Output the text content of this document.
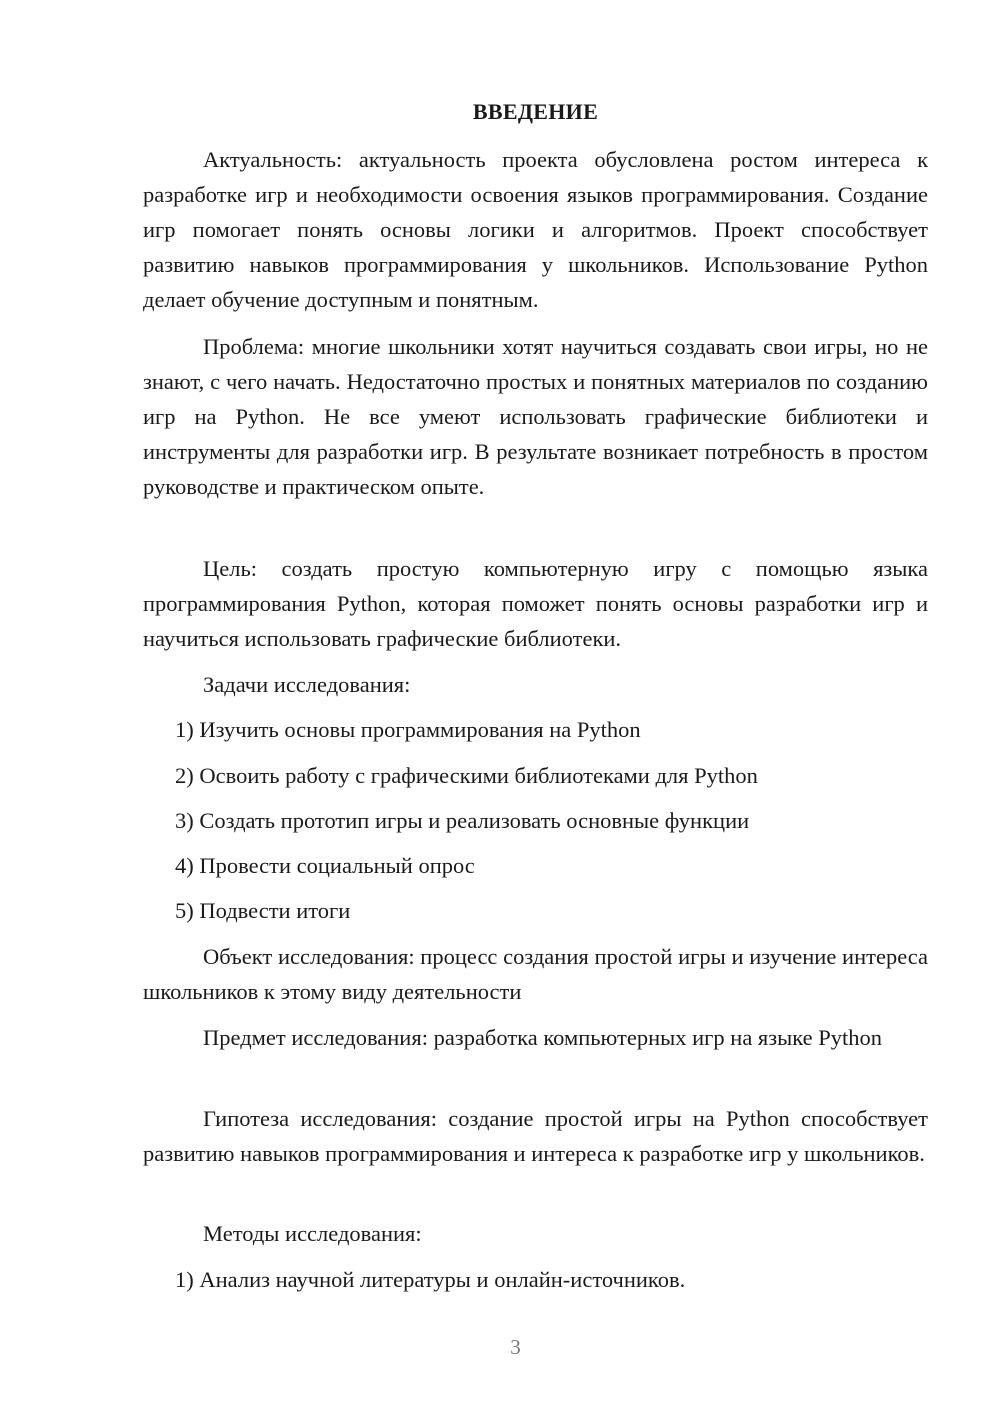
ВВЕДЕНИЕ

Актуальность: актуальность проекта обусловлена ростом интереса к разработке игр и необходимости освоения языков программирования. Создание игр помогает понять основы логики и алгоритмов. Проект способствует развитию навыков программирования у школьников. Использование Python делает обучение доступным и понятным.

Проблема: многие школьники хотят научиться создавать свои игры, но не знают, с чего начать. Недостаточно простых и понятных материалов по созданию игр на Python. Не все умеют использовать графические библиотеки и инструменты для разработки игр. В результате возникает потребность в простом руководстве и практическом опыте.

Цель: создать простую компьютерную игру с помощью языка программирования Python, которая поможет понять основы разработки игр и научиться использовать графические библиотеки.

Задачи исследования:

1) Изучить основы программирования на Python

2) Освоить работу с графическими библиотеками для Python

3) Создать прототип игры и реализовать основные функции

4) Провести социальный опрос

5) Подвести итоги

Объект исследования: процесс создания простой игры и изучение интереса школьников к этому виду деятельности

Предмет исследования: разработка компьютерных игр на языке Python

Гипотеза исследования: создание простой игры на Python способствует развитию навыков программирования и интереса к разработке игр у школьников.

Методы исследования:

1) Анализ научной литературы и онлайн-источников.

3
